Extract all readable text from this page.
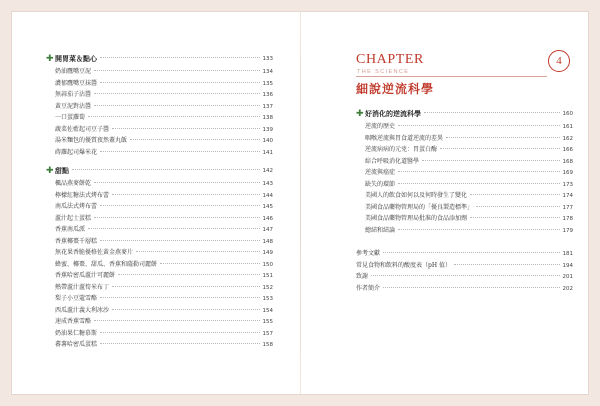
✚ 開胃菜＆點心	133
奶油鷹嘴豆泥	134
濃郁鷹嘴豆抹醬	135
無蒜茄子沾醬	136
黃豆泥對沾醬	137
一口蛋蘿蔔	138
蔬菜佐藍起司豆子醬	139
湯米麵包的優質夜然蓋丸飯	140
蒔蘿起司爆米花	141
✚ 甜點	142
楓品燕麥餅乾	143
檸檬紅糖法式烤布蕾	144
南瓜法式烤布蕾	145
蘆汁起士蛋糕	146
香蕉南瓜派	147
香蕉椰棗千層糕	148
無花果香脆優格佐黃金燕麥片	149
蜂蜜、椰棗、甜瓜、香蕉和薩勒司麗餅	150
香蕉哈密瓜蘆汁可麗餅	151
熱帶蘆汁蘆筍米布丁	152
梨子小豆蔻雪酪	153
西瓜蘆汁義大利冰沙	154
速成香蕉雪酪	155
奶油果仁糖慕斯	157
蕃薯哈密瓜蛋糕	158
CHAPTER
THE SCIENCE
4
細說逆流科學
✚ 好消化的逆流科學	160
逆流的歷史	161
咽喉逆流與胃食道逆流的差異	162
逆流病病的元兇：胃蛋白酶	166
綜合呼吸消化道醫學	168
逆流與癌症	169
缺失的環節	173
美國人的飲食如何以及何時發生了變化	174
美國食品藥物管理局的「優良製造標準」	177
美國食品藥物管理局批准的食品添加劑	178
總結和結論	179
參考文獻	181
常見食物和飲料的酸度表（pH 值）	194
致謝	201
作者簡介	202
